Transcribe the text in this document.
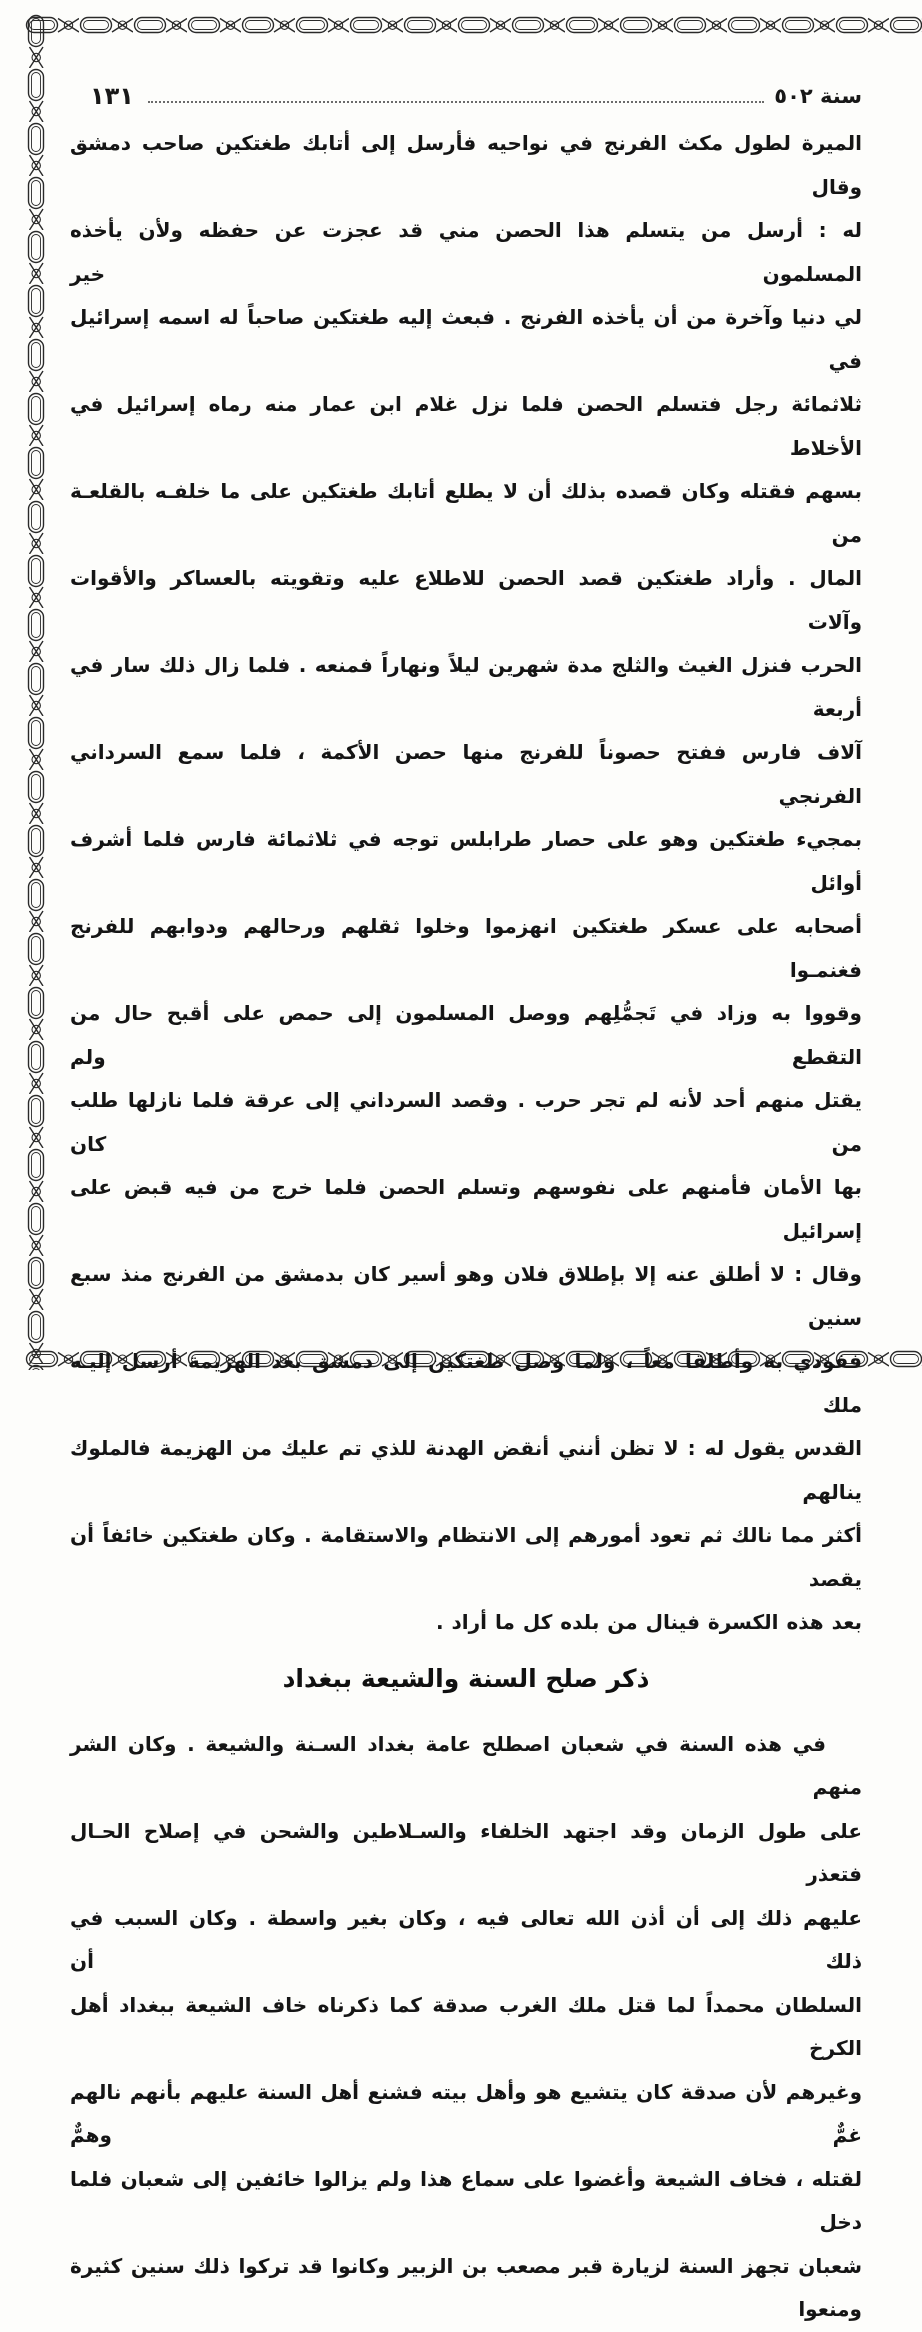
١٣١	سنة ٥٠٢
الميرة لطول مكث الفرنج في نواحيه فأرسل إلى أتابك طغتكين صاحب دمشق وقال
له : أرسل من يتسلم هذا الحصن مني قد عجزت عن حفظه ولأن يأخذه المسلمون خير
لي دنيا وآخرة من أن يأخذه الفرنج . فبعث إليه طغتكين صاحباً له اسمه إسرائيل في
ثلاثمائة رجل فتسلم الحصن فلما نزل غلام ابن عمار منه رماه إسرائيل في الأخلاط
بسهم فقتله وكان قصده بذلك أن لا يطلع أتابك طغتكين على ما خلفـه بالقلعـة من
المال . وأراد طغتكين قصد الحصن للاطلاع عليه وتقويته بالعساكر والأقوات وآلات
الحرب فنزل الغيث والثلج مدة شهرين ليلاً ونهاراً فمنعه . فلما زال ذلك سار في أربعة
آلاف فارس ففتح حصوناً للفرنج منها حصن الأكمة ، فلما سمع السرداني الفرنجي
بمجيء طغتكين وهو على حصار طرابلس توجه في ثلاثمائة فارس فلما أشرف أوائل
أصحابه على عسكر طغتكين انهزموا وخلوا ثقلهم ورحالهم ودوابهم للفرنج فغنمـوا
وقووا به وزاد في تَجمُّلِهم ووصل المسلمون إلى حمص على أقبح حال من التقطع ولم
يقتل منهم أحد لأنه لم تجر حرب . وقصد السرداني إلى عرقة فلما نازلها طلب من كان
بها الأمان فأمنهم على نفوسهم وتسلم الحصن فلما خرج من فيه قبض على إسرائيل
وقال : لا أطلق عنه إلا بإطلاق فلان وهو أسير كان بدمشق من الفرنج منذ سبع سنين
ففودي به وأطلقا معاً ، ولما وصل طغتكين إلى دمشق بعد الهزيمة أرسل إليـه ملك
القدس يقول له : لا تظن أنني أنقض الهدنة للذي تم عليك من الهزيمة فالملوك ينالهم
أكثر مما نالك ثم تعود أمورهم إلى الانتظام والاستقامة . وكان طغتكين خائفاً أن يقصد
بعد هذه الكسرة فينال من بلده كل ما أراد .
ذكر صلح السنة والشيعة ببغداد
في هذه السنة في شعبان اصطلح عامة بغداد السـنة والشيعة . وكان الشر منهم
على طول الزمان وقد اجتهد الخلفاء والسـلاطين والشحن في إصلاح الحـال فتعذر
عليهم ذلك إلى أن أذن الله تعالى فيه ، وكان بغير واسطة . وكان السبب في ذلك أن
السلطان محمداً لما قتل ملك الغرب صدقة كما ذكرناه خاف الشيعة ببغداد أهل الكرخ
وغيرهم لأن صدقة كان يتشيع هو وأهل بيته فشنع أهل السنة عليهم بأنهم نالهم غمٌّ وهمٌّ
لقتله ، فخاف الشيعة وأغضوا على سماع هذا ولم يزالوا خائفين إلى شعبان فلما دخل
شعبان تجهز السنة لزيارة قبر مصعب بن الزبير وكانوا قد تركوا ذلك سنين كثيرة ومنعوا
